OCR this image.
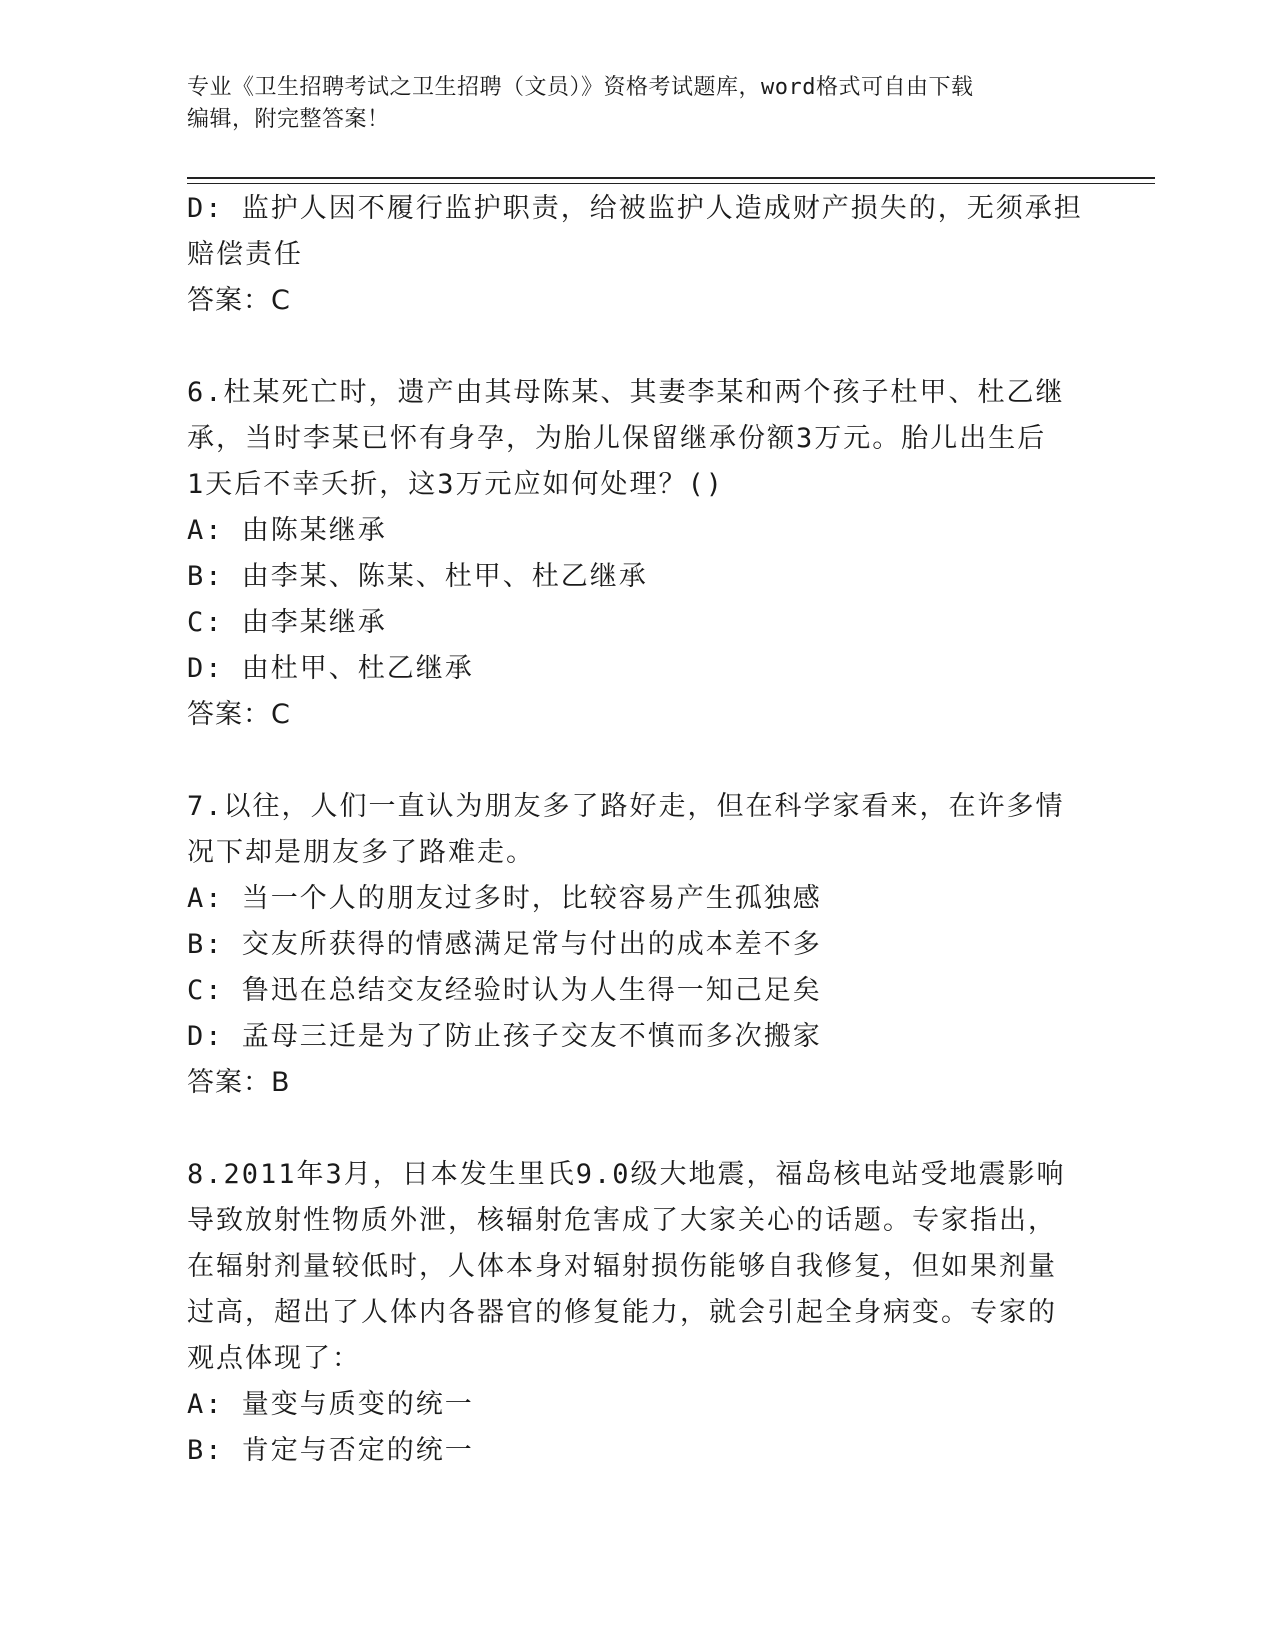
专业《卫生招聘考试之卫生招聘（文员）》资格考试题库，word格式可自由下载
编辑，附完整答案！
D: 监护人因不履行监护职责，给被监护人造成财产损失的，无须承担
赔偿责任
答案：C
6.杜某死亡时，遗产由其母陈某、其妻李某和两个孩子杜甲、杜乙继
承，当时李某已怀有身孕，为胎儿保留继承份额3万元。胎儿出生后
1天后不幸夭折，这3万元应如何处理？()
A: 由陈某继承
B: 由李某、陈某、杜甲、杜乙继承
C: 由李某继承
D: 由杜甲、杜乙继承
答案：C
7.以往，人们一直认为朋友多了路好走，但在科学家看来，在许多情
况下却是朋友多了路难走。
A: 当一个人的朋友过多时，比较容易产生孤独感
B: 交友所获得的情感满足常与付出的成本差不多
C: 鲁迅在总结交友经验时认为人生得一知己足矣
D: 孟母三迁是为了防止孩子交友不慎而多次搬家
答案：B
8.2011年3月，日本发生里氏9.0级大地震，福岛核电站受地震影响
导致放射性物质外泄，核辐射危害成了大家关心的话题。专家指出，
在辐射剂量较低时，人体本身对辐射损伤能够自我修复，但如果剂量
过高，超出了人体内各器官的修复能力，就会引起全身病变。专家的
观点体现了：
A: 量变与质变的统一
B: 肯定与否定的统一
